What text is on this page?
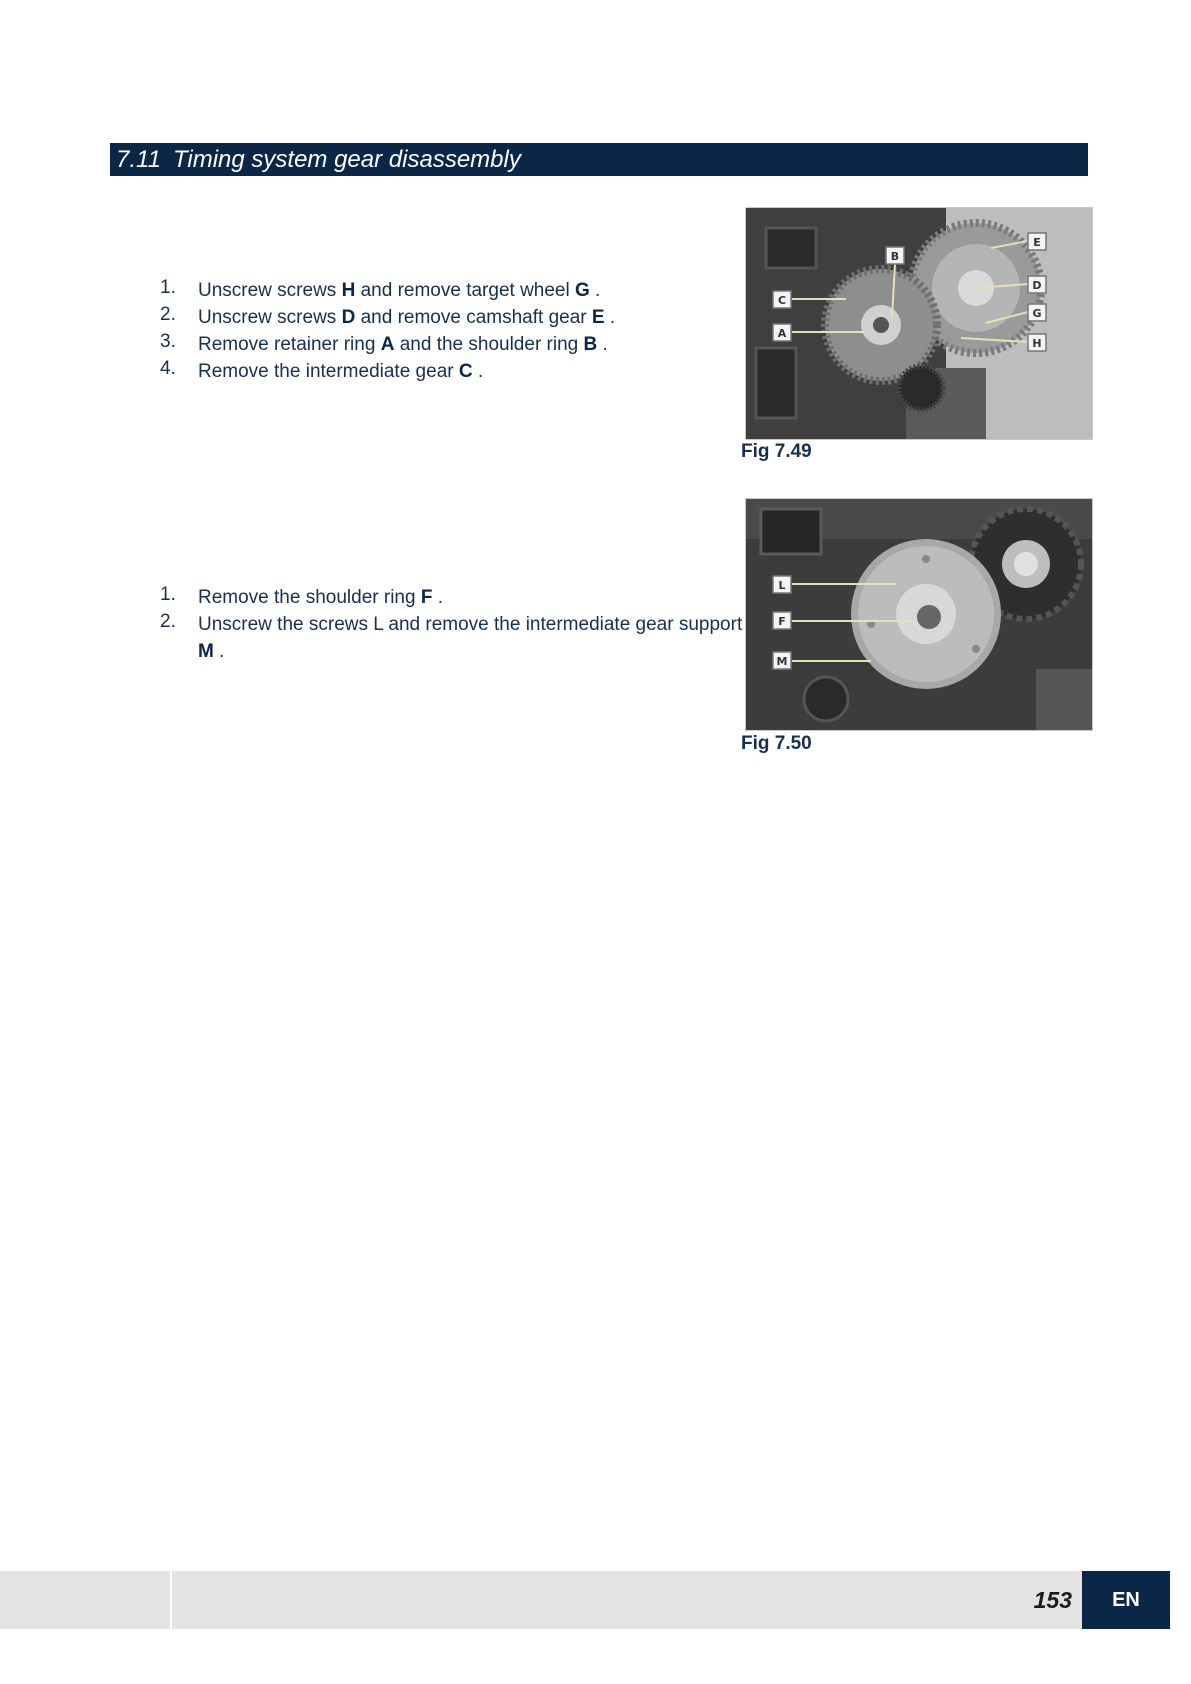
7.11 Timing system gear disassembly
1. Unscrew screws H and remove target wheel G .
2. Unscrew screws D and remove camshaft gear E .
3. Remove retainer ring A and the shoulder ring B .
4. Remove the intermediate gear C .
B
E
C
A
D
G
H
Fig 7.49
1. Remove the shoulder ring F .
2. Unscrew the screws L and remove the intermediate gear support M .
L
F
M
Fig 7.50
153	EN
